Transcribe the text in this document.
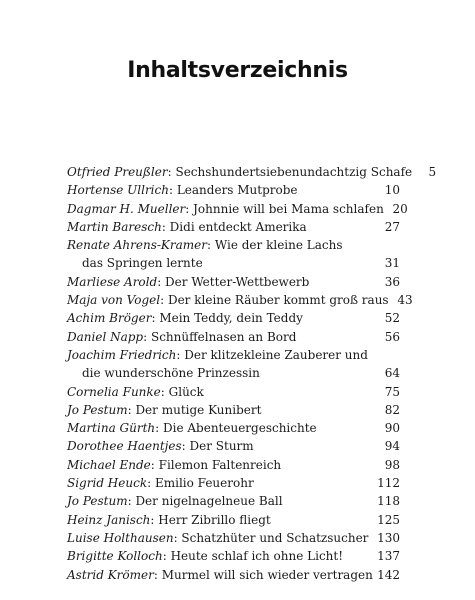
Inhaltsverzeichnis
Otfried Preußler: Sechshundertsiebenundachtzig Schafe	5
Hortense Ullrich: Leanders Mutprobe	10
Dagmar H. Mueller: Johnnie will bei Mama schlafen 20
Martin Baresch: Didi entdeckt Amerika	27
Renate Ahrens-Kramer: Wie der kleine Lachs
das Springen lernte	31
Marliese Arold: Der Wetter-Wettbewerb	36
Maja von Vogel: Der kleine Räuber kommt groß raus 43
Achim Bröger: Mein Teddy, dein Teddy	52
Daniel Napp: Schnüffelnasen an Bord	56
Joachim Friedrich: Der klitzekleine Zauberer und
die wunderschöne Prinzessin	64
Cornelia Funke: Glück	75
Jo Pestum: Der mutige Kunibert	82
Martina Gürth: Die Abenteuergeschichte	90
Dorothee Haentjes: Der Sturm	94
Michael Ende: Filemon Faltenreich	98
Sigrid Heuck: Emilio Feuerohr	112
Jo Pestum: Der nigelnagelneue Ball	118
Heinz Janisch: Herr Zibrillo fliegt	125
Luise Holthausen: Schatzhüter und Schatzsucher 130
Brigitte Kolloch: Heute schlaf ich ohne Licht!	137
Astrid Krömer: Murmel will sich wieder vertragen 142
